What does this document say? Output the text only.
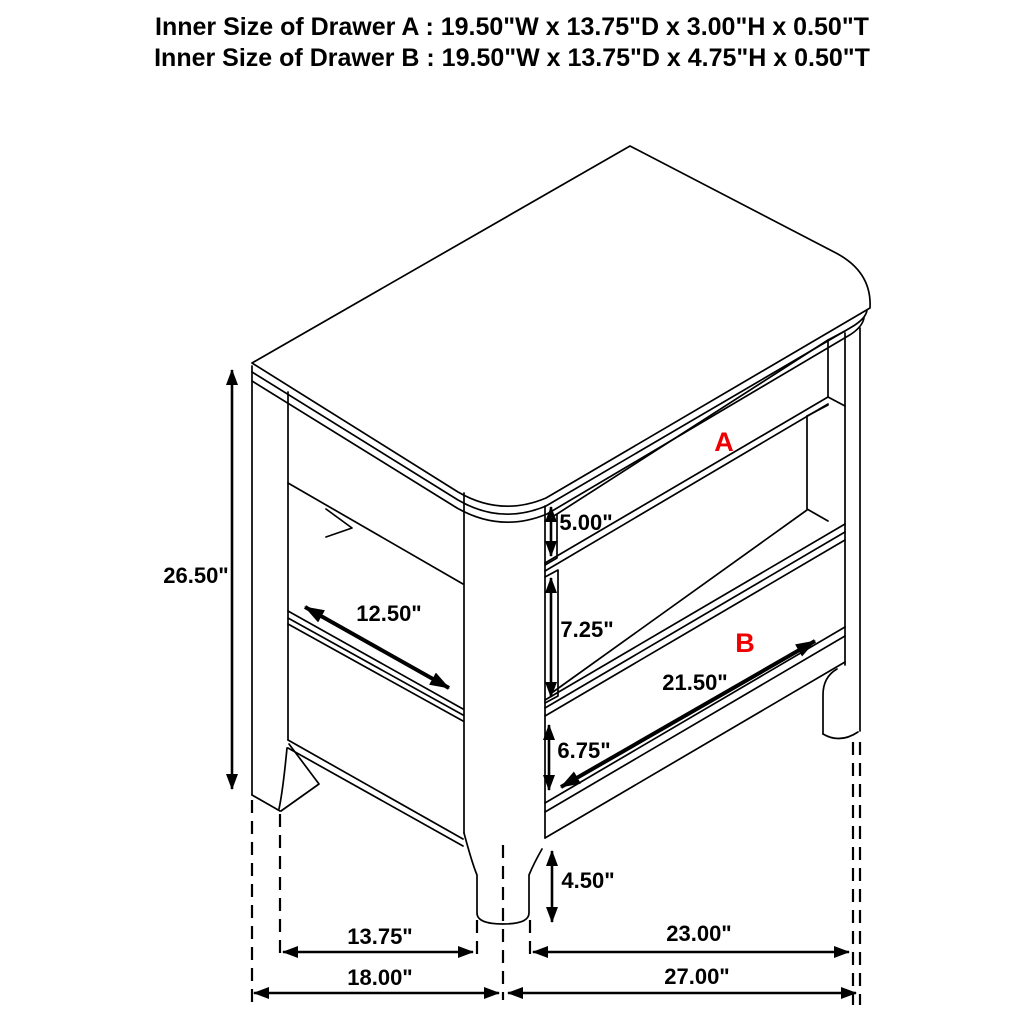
Inner Size of Drawer A : 19.50"W x 13.75"D x 3.00"H x 0.50"T
Inner Size of Drawer B : 19.50"W x 13.75"D x 4.75"H x 0.50"T
26.50"
12.50"
5.00"
7.25"
21.50"
6.75"
4.50"
13.75"
18.00"
23.00"
27.00"
A
B
